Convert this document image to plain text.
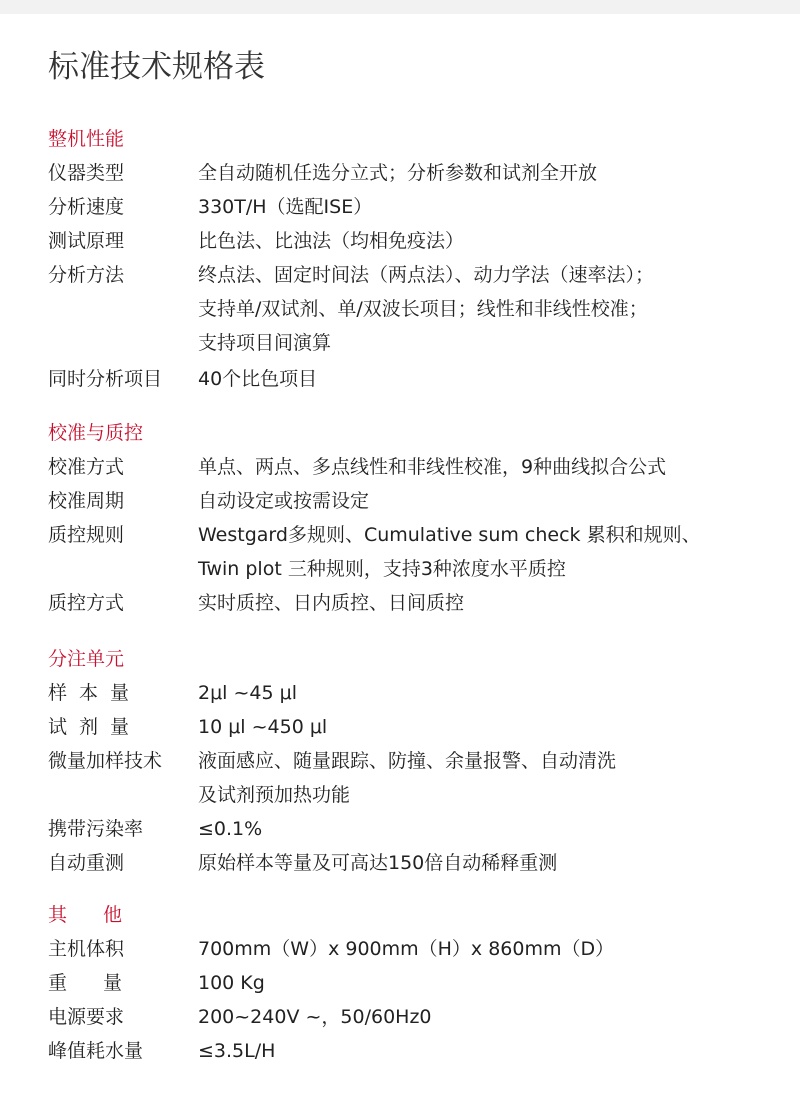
标准技术规格表
整机性能
仪器类型	全自动随机任选分立式；分析参数和试剂全开放
分析速度	330T/H（选配ISE）
测试原理	比色法、比浊法（均相免疫法）
分析方法	终点法、固定时间法（两点法）、动力学法（速率法）；
支持单/双试剂、单/双波长项目；线性和非线性校准；
支持项目间演算
同时分析项目 40个比色项目
校准与质控
校准方式	单点、两点、多点线性和非线性校准，9种曲线拟合公式
校准周期	自动设定或按需设定
质控规则	Westgard多规则、Cumulative sum check 累积和规则、
Twin plot 三种规则，支持3种浓度水平质控
质控方式	实时质控、日内质控、日间质控
分注单元
样本量	2μl ~45 μl
试剂量	10 μl ~450 μl
微量加样技术 液面感应、随量跟踪、防撞、余量报警、自动清洗
及试剂预加热功能
携带污染率	≤0.1%
自动重测	原始样本等量及可高达150倍自动稀释重测
其他
主机体积	700mm（W）x 900mm（H）x 860mm（D）
重量 100 Kg
电源要求	200~240V ~，50/60Hz0
峰值耗水量	≤3.5L/H
